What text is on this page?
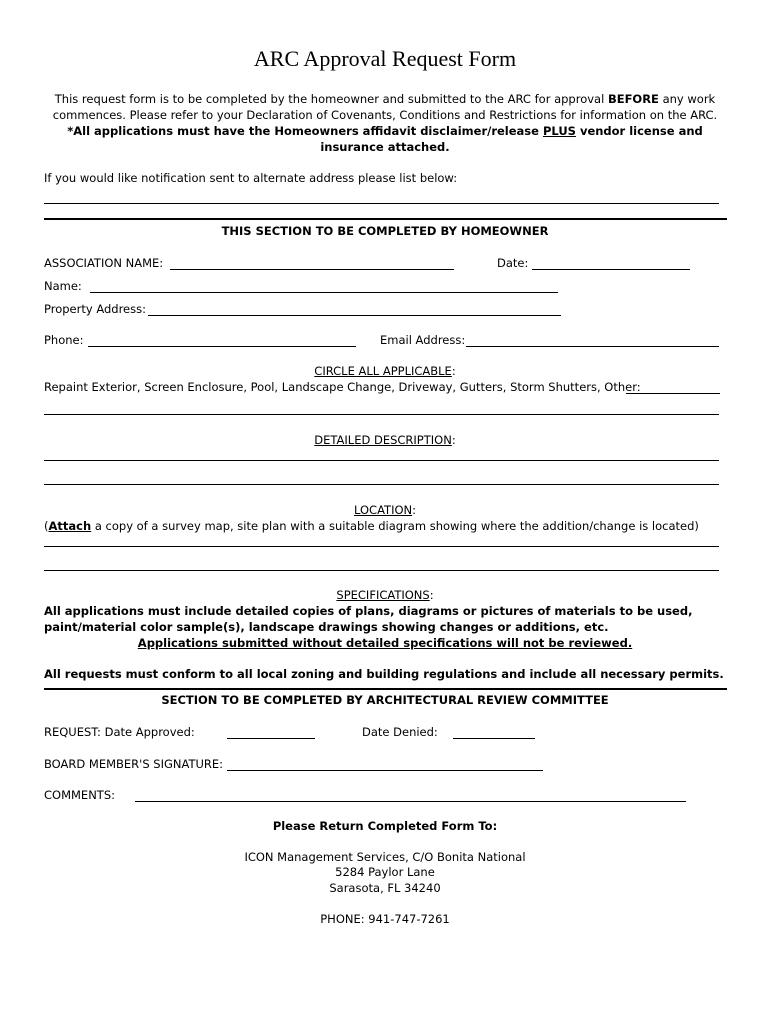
ARC Approval Request Form
This request form is to be completed by the homeowner and submitted to the ARC for approval BEFORE any work
commences. Please refer to your Declaration of Covenants, Conditions and Restrictions for information on the ARC.
*All applications must have the Homeowners affidavit disclaimer/release PLUS vendor license and
insurance attached.
If you would like notification sent to alternate address please list below:
THIS SECTION TO BE COMPLETED BY HOMEOWNER
ASSOCIATION NAME:	Date:
Name:
Property Address:
Phone:	Email Address:
CIRCLE ALL APPLICABLE:
Repaint Exterior, Screen Enclosure, Pool, Landscape Change, Driveway, Gutters, Storm Shutters, Other:
DETAILED DESCRIPTION:
LOCATION:
(Attach a copy of a survey map, site plan with a suitable diagram showing where the addition/change is located)
SPECIFICATIONS:
All applications must include detailed copies of plans, diagrams or pictures of materials to be used,
paint/material color sample(s), landscape drawings showing changes or additions, etc.
Applications submitted without detailed specifications will not be reviewed.
All requests must conform to all local zoning and building regulations and include all necessary permits.
SECTION TO BE COMPLETED BY ARCHITECTURAL REVIEW COMMITTEE
REQUEST: Date Approved:	Date Denied:
BOARD MEMBER'S SIGNATURE:
COMMENTS:
Please Return Completed Form To:
ICON Management Services, C/O Bonita National
5284 Paylor Lane
Sarasota, FL 34240
PHONE: 941-747-7261
